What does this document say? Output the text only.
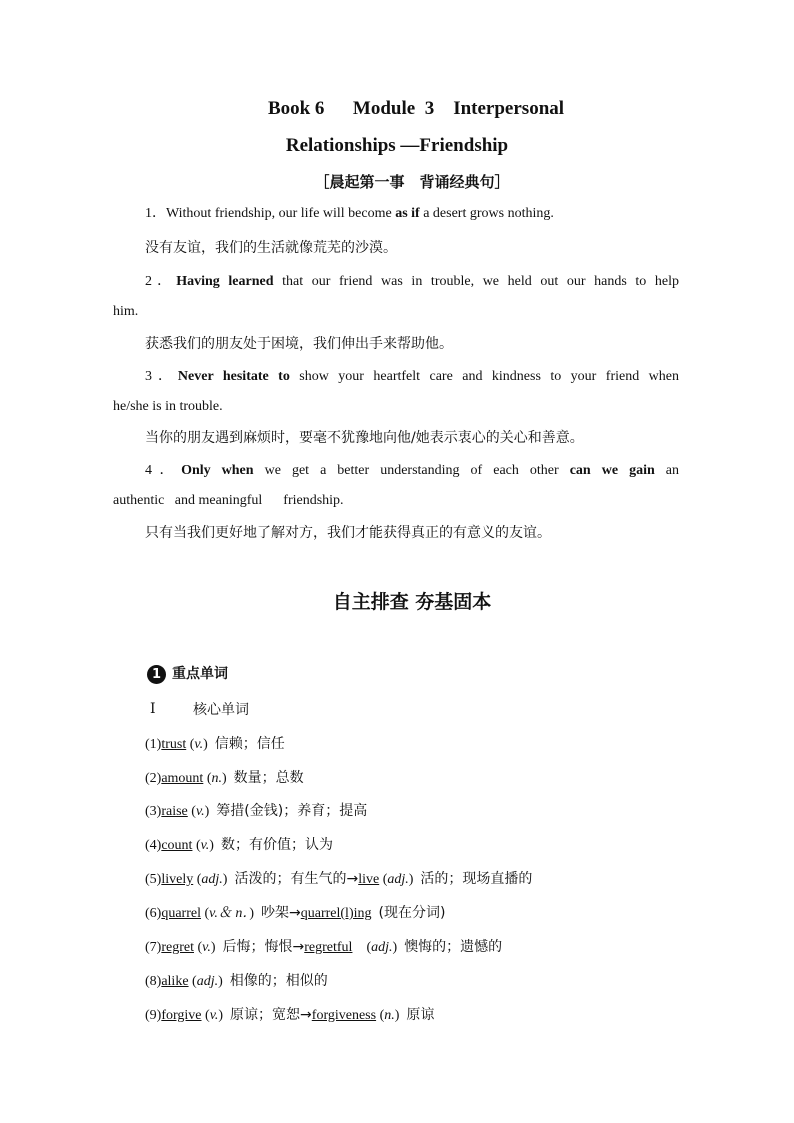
Book 6      Module  3    Interpersonal
Relationships —Friendship
［晨起第一事　背诵经典句］
1．Without friendship, our life will become as if a desert grows nothing.
没有友谊，我们的生活就像荒芜的沙漠。
2．Having learned that our friend was in trouble, we held out our hands to help
him.
获悉我们的朋友处于困境，我们伸出手来帮助他。
3．Never hesitate to show your heartfelt care and kindness to your friend when
he/she is in trouble.
当你的朋友遇到麻烦时，要毫不犹豫地向他/她表示衷心的关心和善意。
4．Only when we get a better understanding of each other can we gain an
authentic   and meaningful      friendship.
只有当我们更好地了解对方，我们才能获得真正的有意义的友谊。
自主排查 夯基固本
1 重点单词
Ⅰ	核心单词
(1)trust (v.)  信赖；信任
(2)amount (n.)  数量；总数
(3)raise (v.)  筹措(金钱)；养育；提高
(4)count (v.)  数；有价值；认为
(5)lively (adj.)  活泼的；有生气的→live (adj.)  活的；现场直播的
(6)quarrel (v.＆ n．)  吵架→quarrel(l)ing (现在分词)
(7)regret (v.)  后悔；悔恨→regretful    (adj.)  懊悔的；遗憾的
(8)alike (adj.)  相像的；相似的
(9)forgive (v.)  原谅；宽恕→forgiveness (n.)  原谅
